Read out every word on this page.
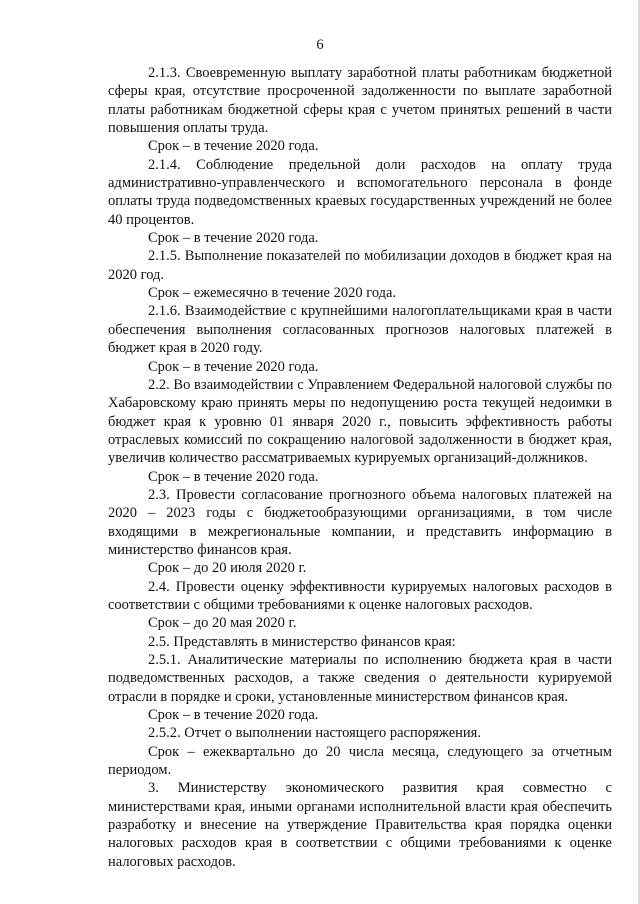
6

2.1.3. Своевременную выплату заработной платы работникам бюджетной сферы края, отсутствие просроченной задолженности по выплате заработной платы работникам бюджетной сферы края с учетом принятых решений в части повышения оплаты труда.

Срок – в течение 2020 года.

2.1.4. Соблюдение предельной доли расходов на оплату труда административно-управленческого и вспомогательного персонала в фонде оплаты труда подведомственных краевых государственных учреждений не более 40 процентов.

Срок – в течение 2020 года.

2.1.5. Выполнение показателей по мобилизации доходов в бюджет края на 2020 год.

Срок – ежемесячно в течение 2020 года.

2.1.6. Взаимодействие с крупнейшими налогоплательщиками края в части обеспечения выполнения согласованных прогнозов налоговых платежей в бюджет края в 2020 году.

Срок – в течение 2020 года.

2.2. Во взаимодействии с Управлением Федеральной налоговой службы по Хабаровскому краю принять меры по недопущению роста текущей недоимки в бюджет края к уровню 01 января 2020 г., повысить эффективность работы отраслевых комиссий по сокращению налоговой задолженности в бюджет края, увеличив количество рассматриваемых курируемых организаций-должников.

Срок – в течение 2020 года.

2.3. Провести согласование прогнозного объема налоговых платежей на 2020 – 2023 годы с бюджетообразующими организациями, в том числе входящими в межрегиональные компании, и представить информацию в министерство финансов края.

Срок – до 20 июля 2020 г.

2.4. Провести оценку эффективности курируемых налоговых расходов в соответствии с общими требованиями к оценке налоговых расходов.

Срок – до 20 мая 2020 г.

2.5. Представлять в министерство финансов края:

2.5.1. Аналитические материалы по исполнению бюджета края в части подведомственных расходов, а также сведения о деятельности курируемой отрасли в порядке и сроки, установленные министерством финансов края.

Срок – в течение 2020 года.

2.5.2. Отчет о выполнении настоящего распоряжения.

Срок – ежеквартально до 20 числа месяца, следующего за отчетным периодом.

3. Министерству экономического развития края совместно с министерствами края, иными органами исполнительной власти края обеспечить разработку и внесение на утверждение Правительства края порядка оценки налоговых расходов края в соответствии с общими требованиями к оценке налоговых расходов.
